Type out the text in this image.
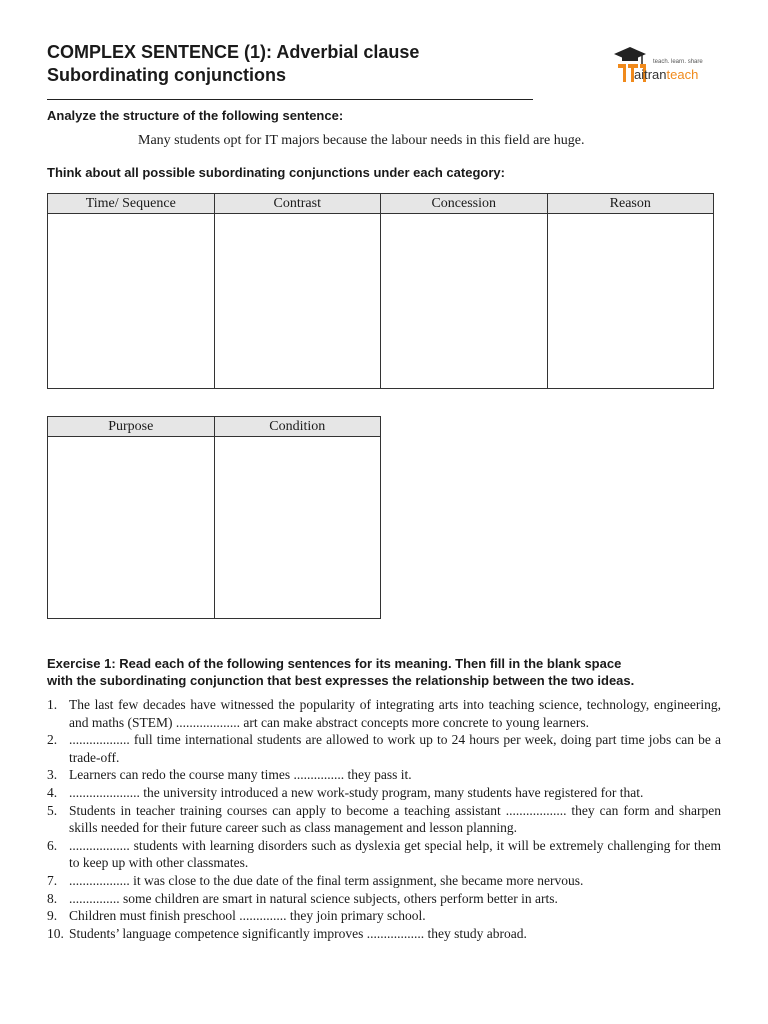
COMPLEX SENTENCE (1): Adverbial clause
Subordinating conjunctions
teach. learn. share
aitranteach
Analyze the structure of the following sentence:
Many students opt for IT majors because the labour needs in this field are huge.
Think about all possible subordinating conjunctions under each category:
Time/ Sequence	Contrast	Concession	Reason

Purpose	Condition

Exercise 1: Read each of the following sentences for its meaning. Then fill in the blank space
with the subordinating conjunction that best expresses the relationship between the two ideas.
1. The last few decades have witnessed the popularity of integrating arts into teaching science, technology, engineering, and maths (STEM) ................... art can make abstract concepts more concrete to young learners.
2. .................. full time international students are allowed to work up to 24 hours per week, doing part time jobs can be a trade-off.
3. Learners can redo the course many times ............... they pass it.
4. ..................... the university introduced a new work-study program, many students have registered for that.
5. Students in teacher training courses can apply to become a teaching assistant .................. they can form and sharpen skills needed for their future career such as class management and lesson planning.
6. .................. students with learning disorders such as dyslexia get special help, it will be extremely challenging for them to keep up with other classmates.
7. .................. it was close to the due date of the final term assignment, she became more nervous.
8. ............... some children are smart in natural science subjects, others perform better in arts.
9. Children must finish preschool .............. they join primary school.
10. Students’ language competence significantly improves ................. they study abroad.
